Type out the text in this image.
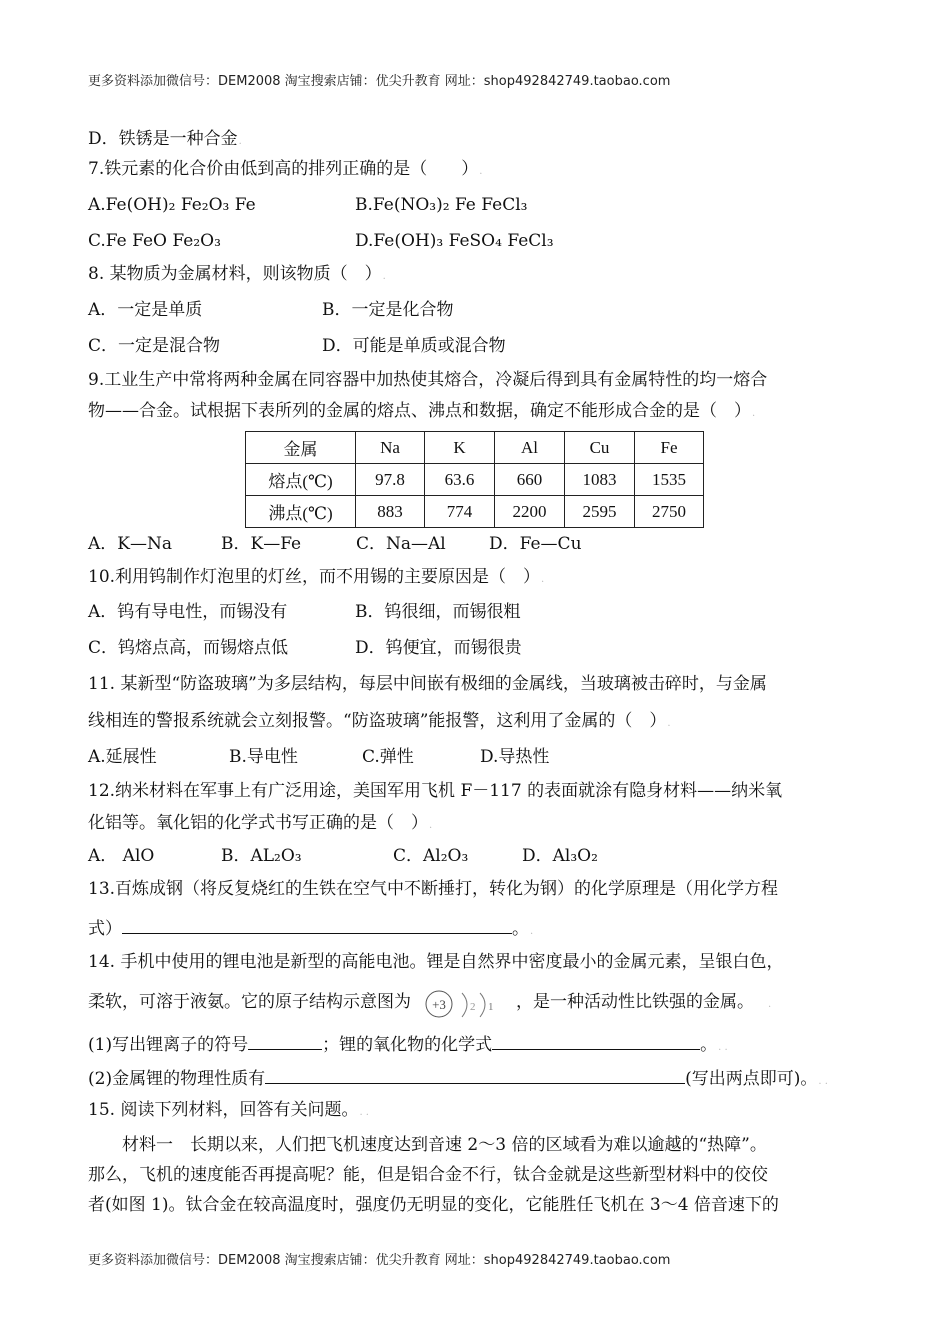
更多资料添加微信号：DEM2008 淘宝搜索店铺：优尖升教育 网址：shop492842749.taobao.com
D．铁锈是一种合金.
7.铁元素的化合价由低到高的排列正确的是（　　）.
A.Fe(OH)₂ Fe₂O₃ Fe	B.Fe(NO₃)₂ Fe FeCl₃
C.Fe FeO Fe₂O₃	D.Fe(OH)₃ FeSO₄ FeCl₃
8. 某物质为金属材料，则该物质（　）.
A．一定是单质	B．一定是化合物
C．一定是混合物	D．可能是单质或混合物
9.工业生产中常将两种金属在同容器中加热使其熔合，冷凝后得到具有金属特性的均一熔合
物——合金。试根据下表所列的金属的熔点、沸点和数据，确定不能形成合金的是（　）.
金属	Na	K	Al	Cu	Fe
熔点(℃)	97.8	63.6	660	1083	1535
沸点(℃)	883	774	2200	2595	2750
A．K—Na	B．K—Fe	C．Na—Al	D．Fe—Cu
10.利用钨制作灯泡里的灯丝，而不用锡的主要原因是（　）.
A．钨有导电性，而锡没有	B．钨很细，而锡很粗
C．钨熔点高，而锡熔点低	D．钨便宜，而锡很贵
11. 某新型“防盗玻璃”为多层结构，每层中间嵌有极细的金属线，当玻璃被击碎时，与金属
线相连的警报系统就会立刻报警。“防盗玻璃”能报警，这利用了金属的（　）.
A.延展性	B.导电性	C.弹性	D.导热性
12.纳米材料在军事上有广泛用途，美国军用飞机 F－117 的表面就涂有隐身材料——纳米氧
化铝等。氧化铝的化学式书写正确的是（　）.
A． AlO	B．AL₂O₃	C．Al₂O₃	D．Al₃O₂
13.百炼成钢（将反复烧红的生铁在空气中不断捶打，转化为钢）的化学原理是（用化学方程
式）	。.
14. 手机中使用的锂电池是新型的高能电池。锂是自然界中密度最小的金属元素，呈银白色，
柔软，可溶于液氨。它的原子结构示意图为 +3 2 1 ，是一种活动性比铁强的金属。 .
(1)写出锂离子的符号	；锂的氧化物的化学式	。. .
(2)金属锂的物理性质有	(写出两点即可)。. .
15. 阅读下列材料，回答有关问题。. .
材料一　长期以来，人们把飞机速度达到音速 2～3 倍的区域看为难以逾越的“热障”。
那么，飞机的速度能否再提高呢？能，但是铝合金不行，钛合金就是这些新型材料中的佼佼
者(如图 1)。钛合金在较高温度时，强度仍无明显的变化，它能胜任飞机在 3～4 倍音速下的
更多资料添加微信号：DEM2008 淘宝搜索店铺：优尖升教育 网址：shop492842749.taobao.com
